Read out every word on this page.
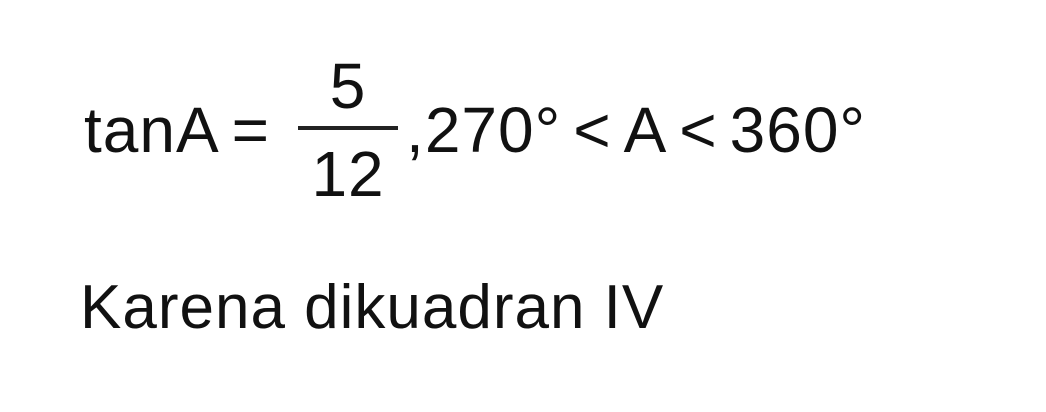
$\tan A = \frac{5}{12} ,270^\circ < A < 360^\circ$
Karena dikuadran IV
